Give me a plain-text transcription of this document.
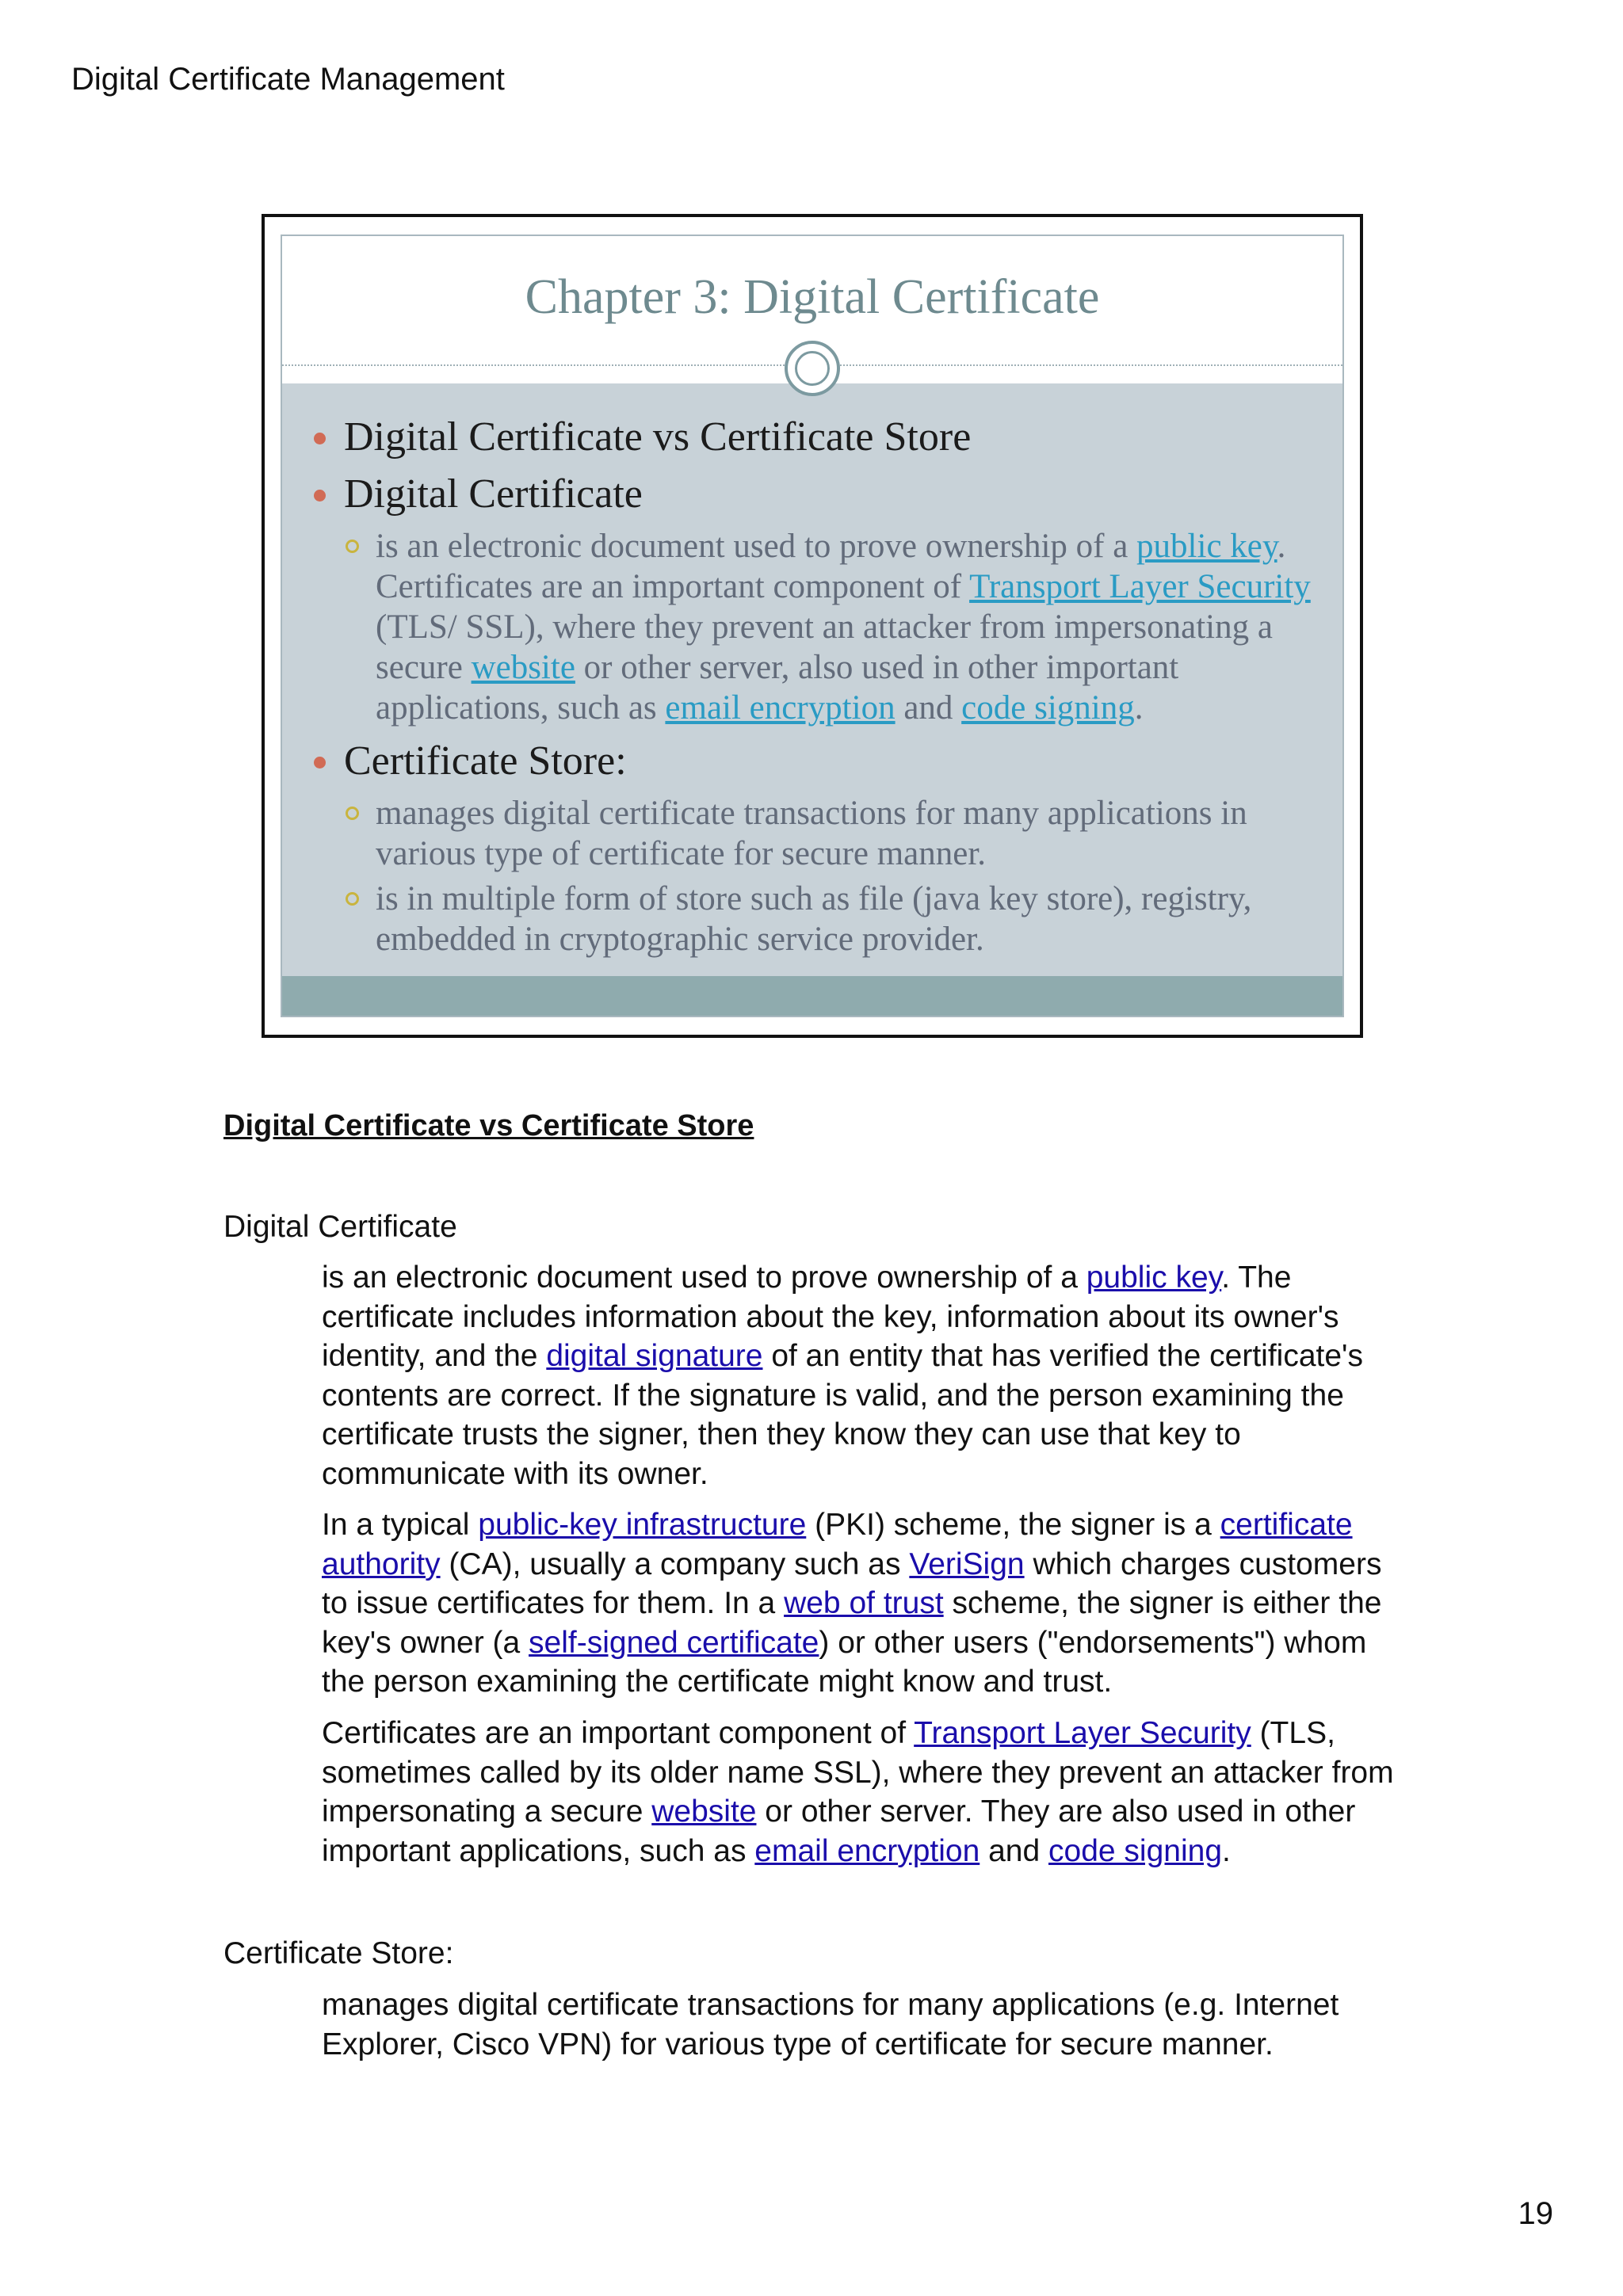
Digital Certificate Management
Chapter 3: Digital Certificate
Digital Certificate vs Certificate Store
Digital Certificate
is an electronic document used to prove ownership of a public key. Certificates are an important component of Transport Layer Security (TLS/ SSL), where they prevent an attacker from impersonating a secure website or other server, also used in other important applications, such as email encryption and code signing.
Certificate Store:
manages digital certificate transactions for many applications in various type of certificate for secure manner.
is in multiple form of store such as file (java key store), registry, embedded in cryptographic service provider.
Digital Certificate vs Certificate Store
Digital Certificate
is an electronic document used to prove ownership of a public key. The certificate includes information about the key, information about its owner's identity, and the digital signature of an entity that has verified the certificate's contents are correct. If the signature is valid, and the person examining the certificate trusts the signer, then they know they can use that key to communicate with its owner.
In a typical public-key infrastructure (PKI) scheme, the signer is a certificate authority (CA), usually a company such as VeriSign which charges customers to issue certificates for them. In a web of trust scheme, the signer is either the key's owner (a self-signed certificate) or other users ("endorsements") whom the person examining the certificate might know and trust.
Certificates are an important component of Transport Layer Security (TLS, sometimes called by its older name SSL), where they prevent an attacker from impersonating a secure website or other server. They are also used in other important applications, such as email encryption and code signing.
Certificate Store:
manages digital certificate transactions for many applications (e.g. Internet Explorer, Cisco VPN) for various type of certificate for secure manner.
19
